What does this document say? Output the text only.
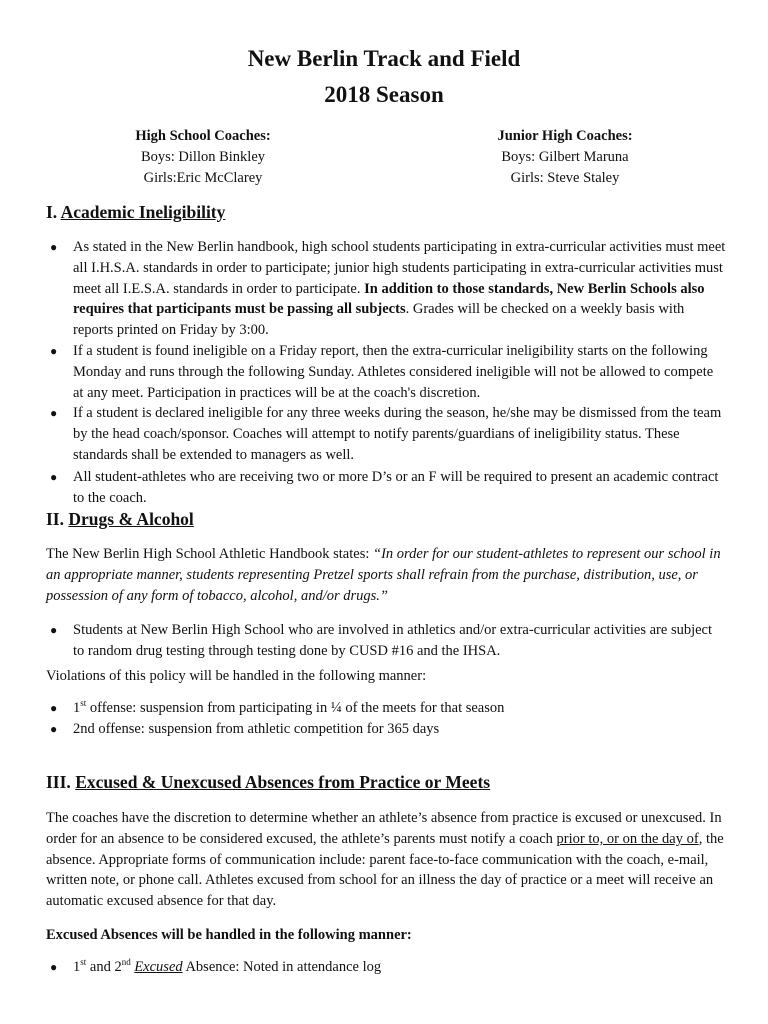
New Berlin Track and Field
2018 Season
High School Coaches:
Boys: Dillon Binkley
Girls:Eric McClarey
Junior High Coaches:
Boys: Gilbert Maruna
Girls: Steve Staley
I. Academic Ineligibility
● As stated in the New Berlin handbook, high school students participating in extra-curricular activities must meet all I.H.S.A. standards in order to participate; junior high students participating in extra-curricular activities must meet all I.E.S.A. standards in order to participate. In addition to those standards, New Berlin Schools also requires that participants must be passing all subjects. Grades will be checked on a weekly basis with reports printed on Friday by 3:00.
● If a student is found ineligible on a Friday report, then the extra-curricular ineligibility starts on the following Monday and runs through the following Sunday. Athletes considered ineligible will not be allowed to compete at any meet. Participation in practices will be at the coach's discretion.
● If a student is declared ineligible for any three weeks during the season, he/she may be dismissed from the team by the head coach/sponsor. Coaches will attempt to notify parents/guardians of ineligibility status. These standards shall be extended to managers as well.
● All student-athletes who are receiving two or more D’s or an F will be required to present an academic contract to the coach.
II. Drugs & Alcohol
The New Berlin High School Athletic Handbook states: “In order for our student-athletes to represent our school in an appropriate manner, students representing Pretzel sports shall refrain from the purchase, distribution, use, or possession of any form of tobacco, alcohol, and/or drugs.”
● Students at New Berlin High School who are involved in athletics and/or extra-curricular activities are subject to random drug testing through testing done by CUSD #16 and the IHSA.
Violations of this policy will be handled in the following manner:
● 1st offense: suspension from participating in ¼ of the meets for that season
● 2nd offense: suspension from athletic competition for 365 days
III. Excused & Unexcused Absences from Practice or Meets
The coaches have the discretion to determine whether an athlete’s absence from practice is excused or unexcused. In order for an absence to be considered excused, the athlete’s parents must notify a coach prior to, or on the day of, the absence. Appropriate forms of communication include: parent face-to-face communication with the coach, e-mail, written note, or phone call. Athletes excused from school for an illness the day of practice or a meet will receive an automatic excused absence for that day.
Excused Absences will be handled in the following manner:
● 1st and 2nd Excused Absence: Noted in attendance log
